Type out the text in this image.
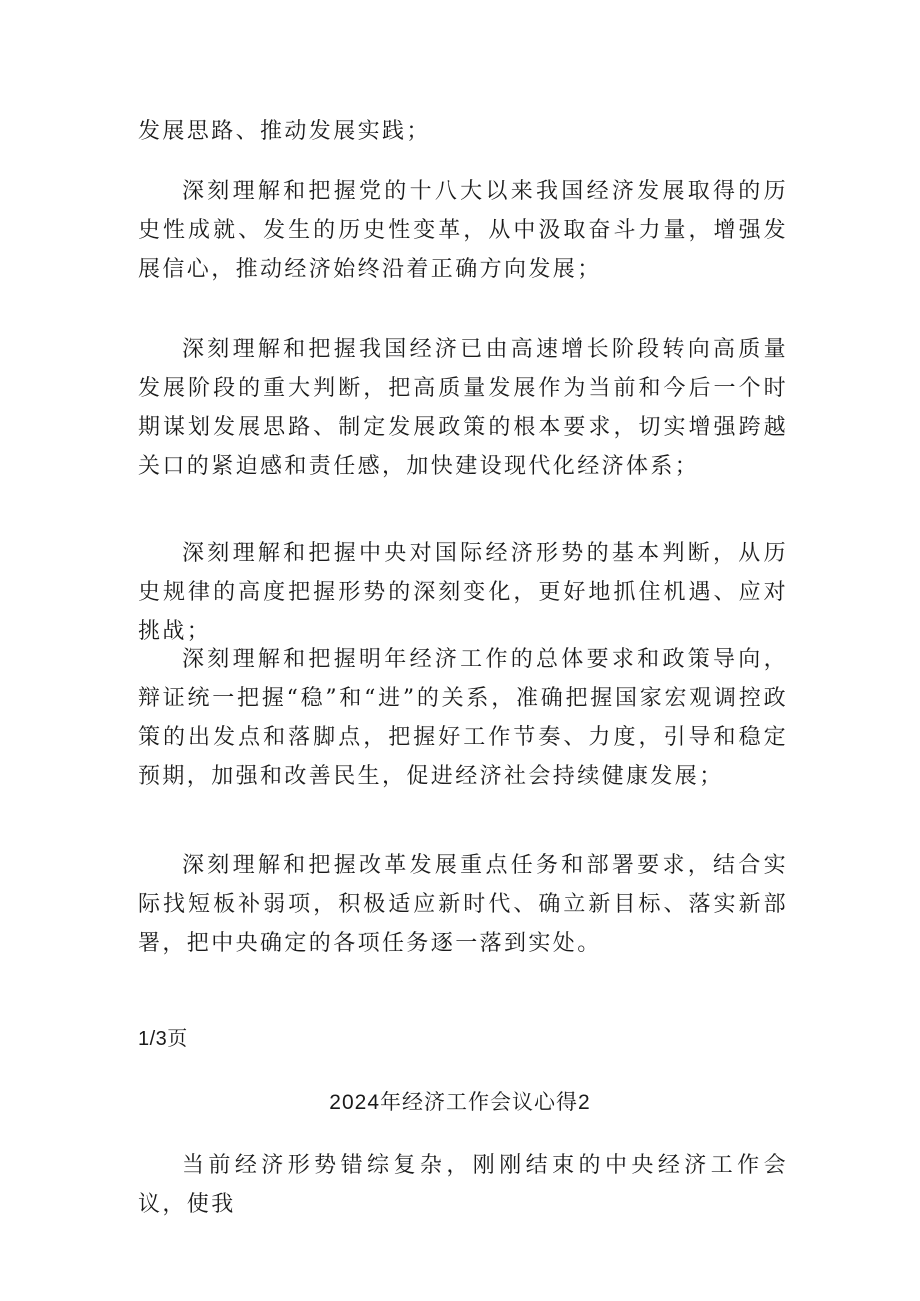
发展思路、推动发展实践；

深刻理解和把握党的十八大以来我国经济发展取得的历史性成就、发生的历史性变革，从中汲取奋斗力量，增强发展信心，推动经济始终沿着正确方向发展；

深刻理解和把握我国经济已由高速增长阶段转向高质量发展阶段的重大判断，把高质量发展作为当前和今后一个时期谋划发展思路、制定发展政策的根本要求，切实增强跨越关口的紧迫感和责任感，加快建设现代化经济体系；

深刻理解和把握中央对国际经济形势的基本判断，从历史规律的高度把握形势的深刻变化，更好地抓住机遇、应对挑战；

深刻理解和把握明年经济工作的总体要求和政策导向，辩证统一把握“稳”和“进”的关系，准确把握国家宏观调控政策的出发点和落脚点，把握好工作节奏、力度，引导和稳定预期，加强和改善民生，促进经济社会持续健康发展；

深刻理解和把握改革发展重点任务和部署要求，结合实际找短板补弱项，积极适应新时代、确立新目标、落实新部署，把中央确定的各项任务逐一落到实处。

1/3页

2024年经济工作会议心得2

当前经济形势错综复杂，刚刚结束的中央经济工作会议，使我
